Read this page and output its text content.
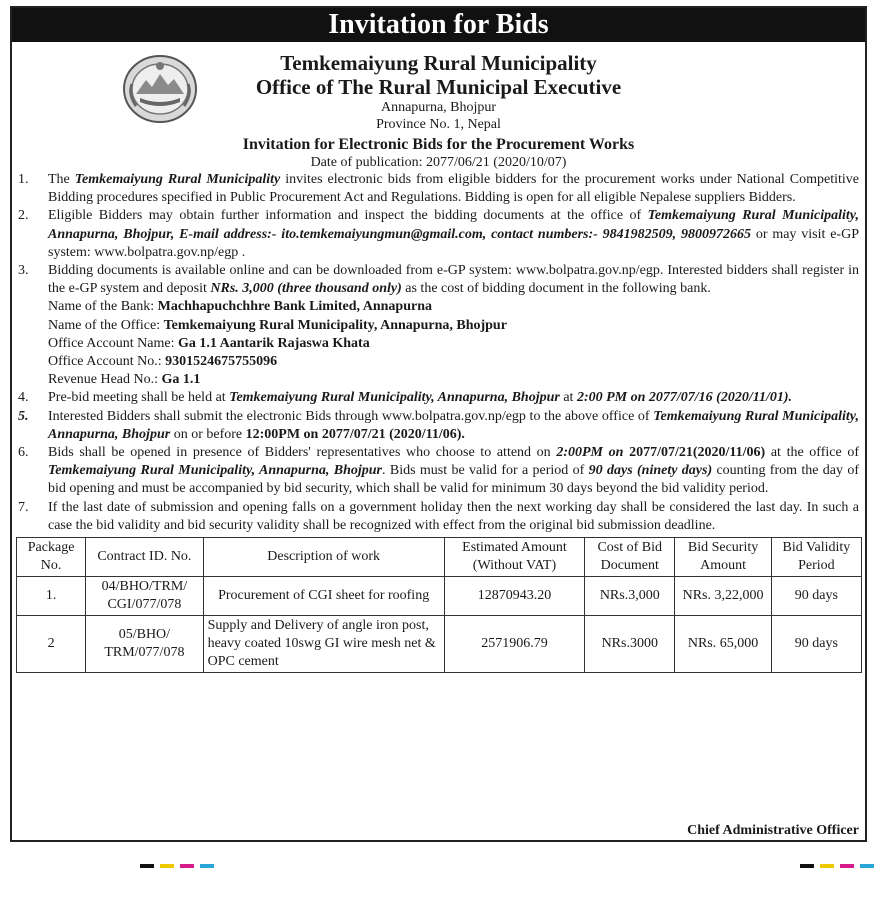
Invitation for Bids
Temkemaiyung Rural Municipality
Office of The Rural Municipal Executive
Annapurna, Bhojpur
Province No. 1, Nepal
Invitation for Electronic Bids for the Procurement Works
Date of publication: 2077/06/21 (2020/10/07)
1. The Temkemaiyung Rural Municipality invites electronic bids from eligible bidders for the procurement works under National Competitive Bidding procedures specified in Public Procurement Act and Regulations. Bidding is open for all eligible Nepalese suppliers Bidders.
2. Eligible Bidders may obtain further information and inspect the bidding documents at the office of Temkemaiyung Rural Municipality, Annapurna, Bhojpur, E-mail address:- ito.temkemaiyungmun@gmail.com, contact numbers:- 9841982509, 9800972665 or may visit e-GP system: www.bolpatra.gov.np/egp .
3. Bidding documents is available online and can be downloaded from e-GP system: www.bolpatra.gov.np/egp. Interested bidders shall register in the e-GP system and deposit NRs. 3,000 (three thousand only) as the cost of bidding document in the following bank.
Name of the Bank: Machhapuchchhre Bank Limited, Annapurna
Name of the Office: Temkemaiyung Rural Municipality, Annapurna, Bhojpur
Office Account Name: Ga 1.1 Aantarik Rajaswa Khata
Office Account No.: 9301524675755096
Revenue Head No.: Ga 1.1
4. Pre-bid meeting shall be held at Temkemaiyung Rural Municipality, Annapurna, Bhojpur at 2:00 PM on 2077/07/16 (2020/11/01).
5. Interested Bidders shall submit the electronic Bids through www.bolpatra.gov.np/egp to the above office of Temkemaiyung Rural Municipality, Annapurna, Bhojpur on or before 12:00PM on 2077/07/21 (2020/11/06).
6. Bids shall be opened in presence of Bidders' representatives who choose to attend on 2:00PM on 2077/07/21(2020/11/06) at the office of Temkemaiyung Rural Municipality, Annapurna, Bhojpur. Bids must be valid for a period of 90 days (ninety days) counting from the day of bid opening and must be accompanied by bid security, which shall be valid for minimum 30 days beyond the bid validity period.
7. If the last date of submission and opening falls on a government holiday then the next working day shall be considered the last day. In such a case the bid validity and bid security validity shall be recognized with effect from the original bid submission deadline.
Package No.	Contract ID. No.	Description of work	Estimated Amount (Without VAT)	Cost of Bid Document	Bid Security Amount	Bid Validity Period
1.	04/BHO/TRM/ CGI/077/078	Procurement of CGI sheet for roofing	12870943.20	NRs.3,000	NRs. 3,22,000	90 days
2	05/BHO/ TRM/077/078	Supply and Delivery of angle iron post, heavy coated 10swg GI wire mesh net & OPC cement	2571906.79	NRs.3000	NRs. 65,000	90 days
Chief Administrative Officer
